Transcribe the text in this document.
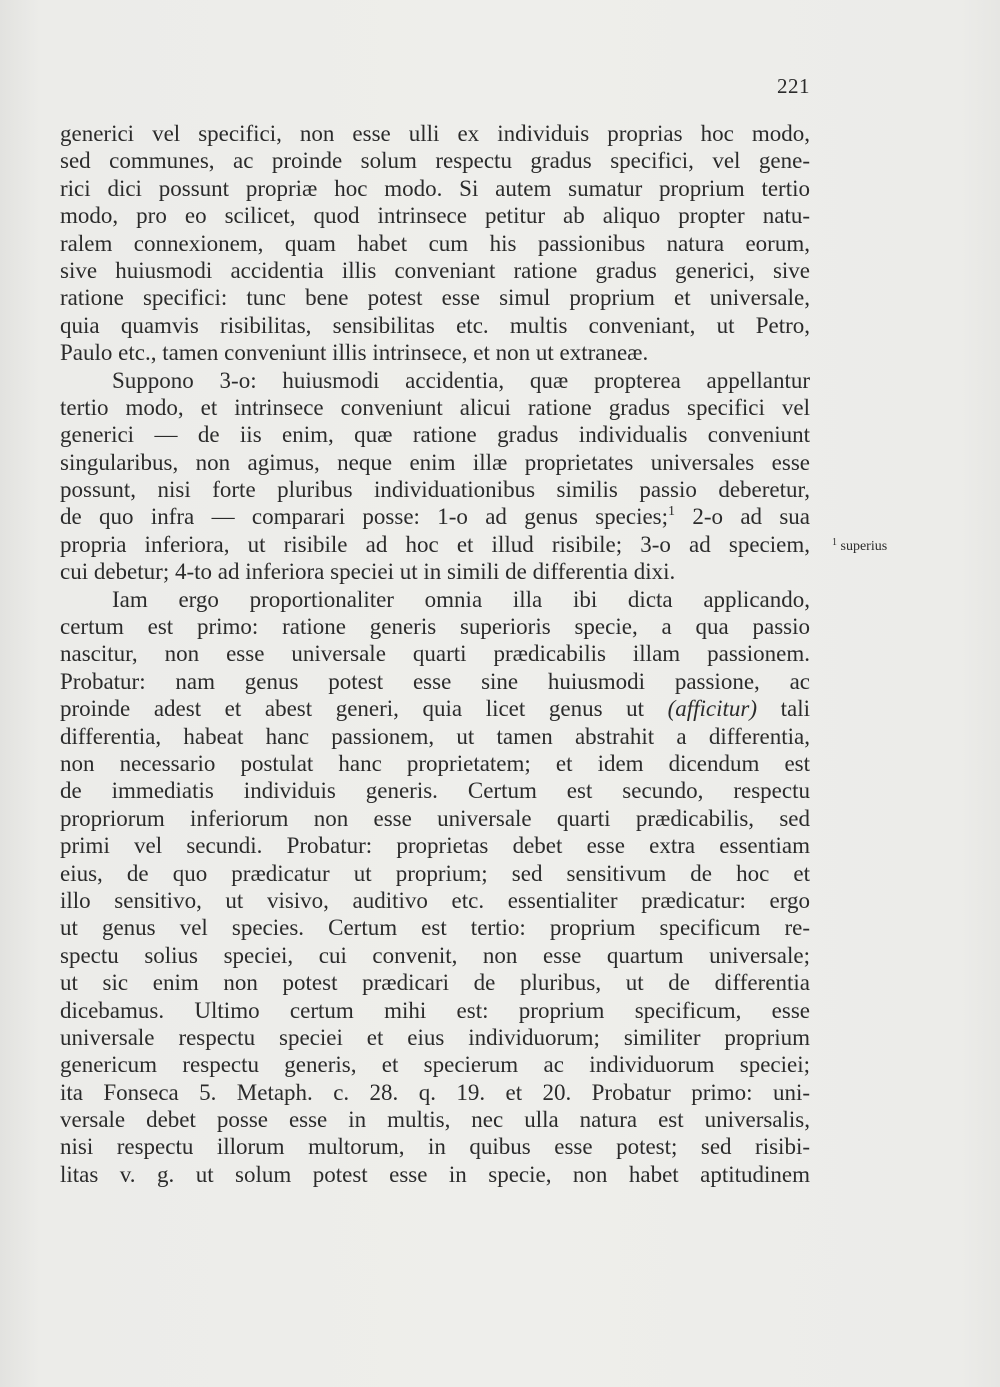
221
generici vel specifici, non esse ulli ex individuis proprias hoc modo,
sed communes, ac proinde solum respectu gradus specifici, vel gene-
rici dici possunt propriæ hoc modo. Si autem sumatur proprium tertio
modo, pro eo scilicet, quod intrinsece petitur ab aliquo propter natu-
ralem connexionem, quam habet cum his passionibus natura eorum,
sive huiusmodi accidentia illis conveniant ratione gradus generici, sive
ratione specifici: tunc bene potest esse simul proprium et universale,
quia quamvis risibilitas, sensibilitas etc. multis conveniant, ut Petro,
Paulo etc., tamen conveniunt illis intrinsece, et non ut extraneæ.
Suppono 3-o: huiusmodi accidentia, quæ propterea appellantur
tertio modo, et intrinsece conveniunt alicui ratione gradus specifici vel
generici — de iis enim, quæ ratione gradus individualis conveniunt
singularibus, non agimus, neque enim illæ proprietates universales esse
possunt, nisi forte pluribus individuationibus similis passio deberetur,
de quo infra — comparari posse: 1-o ad genus species;$^1$ 2-o ad sua
propria inferiora, ut risibile ad hoc et illud risibile; 3-o ad speciem,
cui debetur; 4-to ad inferiora speciei ut in simili de differentia dixi.
Iam ergo proportionaliter omnia illa ibi dicta applicando,
certum est primo: ratione generis superioris specie, a qua passio
nascitur, non esse universale quarti prædicabilis illam passionem.
Probatur: nam genus potest esse sine huiusmodi passione, ac
proinde adest et abest generi, quia licet genus ut (afficitur) tali
differentia, habeat hanc passionem, ut tamen abstrahit a differentia,
non necessario postulat hanc proprietatem; et idem dicendum est
de immediatis individuis generis. Certum est secundo, respectu
propriorum inferiorum non esse universale quarti prædicabilis, sed
primi vel secundi. Probatur: proprietas debet esse extra essentiam
eius, de quo prædicatur ut proprium; sed sensitivum de hoc et
illo sensitivo, ut visivo, auditivo etc. essentialiter prædicatur: ergo
ut genus vel species. Certum est tertio: proprium specificum re-
spectu solius speciei, cui convenit, non esse quartum universale;
ut sic enim non potest prædicari de pluribus, ut de differentia
dicebamus. Ultimo certum mihi est: proprium specificum, esse
universale respectu speciei et eius individuorum; similiter proprium
genericum respectu generis, et specierum ac individuorum speciei;
ita Fonseca 5. Metaph. c. 28. q. 19. et 20. Probatur primo: uni-
versale debet posse esse in multis, nec ulla natura est universalis,
nisi respectu illorum multorum, in quibus esse potest; sed risibi-
litas v. g. ut solum potest esse in specie, non habet aptitudinem
$^1$ superius
